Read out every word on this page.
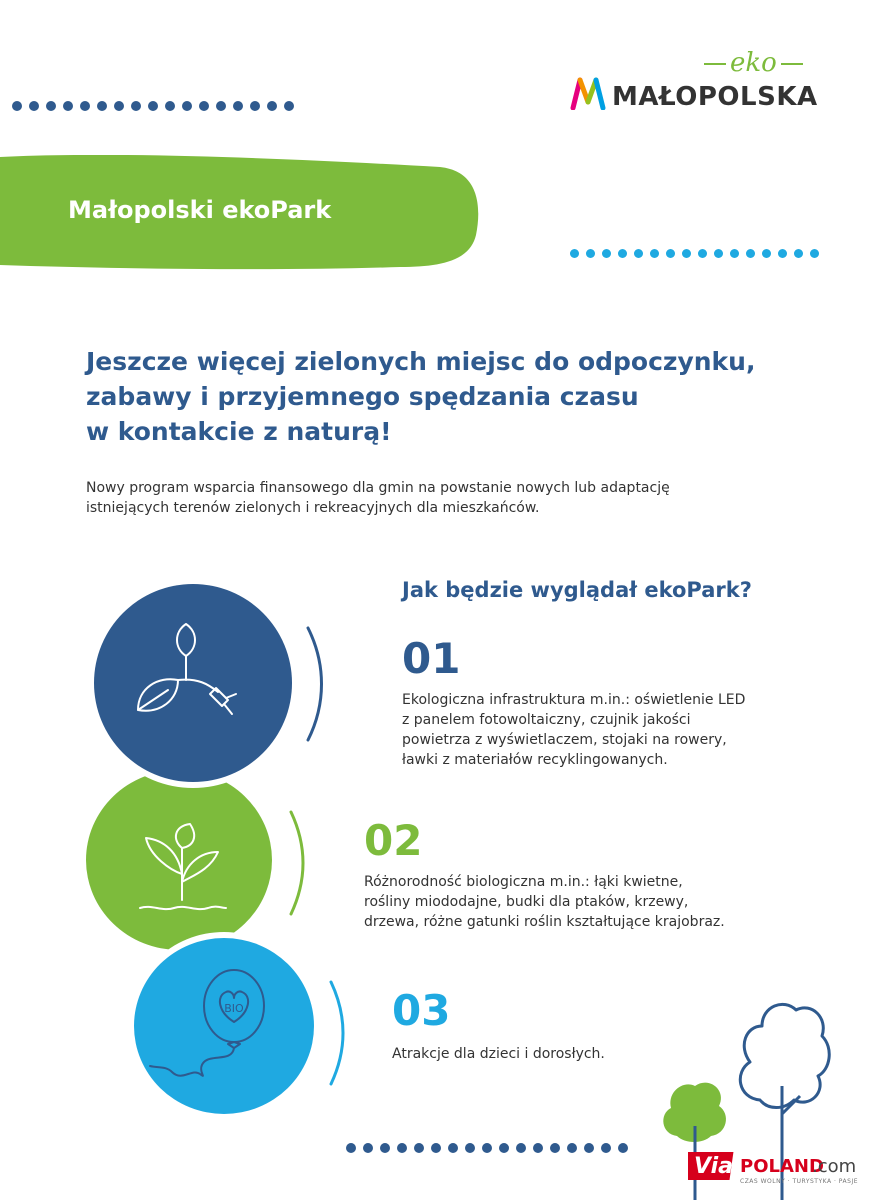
eko
MAŁOPOLSKA
Małopolski ekoPark
Jeszcze więcej zielonych miejsc do odpoczynku,
zabawy i przyjemnego spędzania czasu
w kontakcie z naturą!

Nowy program wsparcia finansowego dla gmin na powstanie nowych lub adaptację
istniejących terenów zielonych i rekreacyjnych dla mieszkańców.

Jak będzie wyglądał ekoPark?
BIO
01

Ekologiczna infrastruktura m.in.: oświetlenie LED
z panelem fotowoltaiczny, czujnik jakości
powietrza z wyświetlaczem, stojaki na rowery,
ławki z materiałów recyklingowanych.

02

Różnorodność biologiczna m.in.: łąki kwietne,
rośliny miododajne, budki dla ptaków, krzewy,
drzewa, różne gatunki roślin kształtujące krajobraz.

03

Atrakcje dla dzieci i dorosłych.

Via POLAND
.com
CZAS WOLNY · TURYSTYKA · PASJE
